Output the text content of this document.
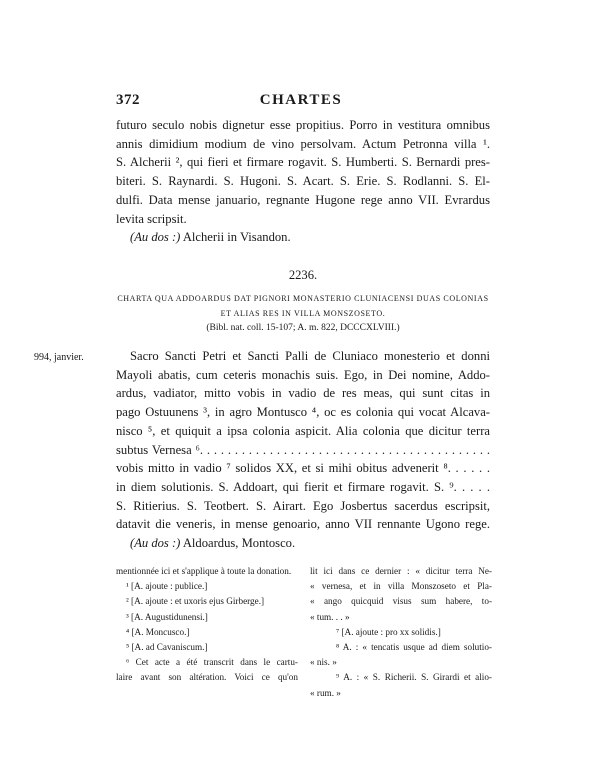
372	CHARTES
futuro seculo nobis dignetur esse propitius. Porro in vestitura omnibus
annis dimidium modium de vino persolvam. Actum Petronna villa ¹.
S. Alcherii ², qui fieri et firmare rogavit. S. Humberti. S. Bernardi pres-
biteri. S. Raynardi. S. Hugoni. S. Acart. S. Erie. S. Rodlanni. S. El-
dulfi. Data mense januario, regnante Hugone rege anno VII. Evrardus
levita scripsit.
(Au dos :) Alcherii in Visandon.
2236.
CHARTA QUA ADDOARDUS DAT PIGNORI MONASTERIO CLUNIACENSI DUAS COLONIAS
ET ALIAS RES IN VILLA MONSZOSETO.
(Bibl. nat. coll. 15-107; A. m. 822, DCCCXLVIII.)
994, janvier.	Sacro Sancti Petri et Sancti Palli de Cluniaco monesterio et donni
Mayoli abatis, cum ceteris monachis suis. Ego, in Dei nomine, Addo-
ardus, vadiator, mitto vobis in vadio de res meas, qui sunt citas in
pago Ostuunens ³, in agro Montusco ⁴, oc es colonia qui vocat Alcava-
nisco ⁵, et quiquit a ipsa colonia aspicit. Alia colonia que dicitur terra
subtus Vernesa ⁶. . . . . . . . . . . . . . . . . . . . . . . . . . . . . . . . . . . . . . . . . .
vobis mitto in vadio ⁷ solidos XX, et si mihi obitus advenerit ⁸. . . . . .
in diem solutionis. S. Addoart, qui fierit et firmare rogavit. S. ⁹. . . . .
S. Ritierius. S. Teotbert. S. Airart. Ego Josbertus sacerdus escripsit,
datavit die veneris, in mense genoario, anno VII rennante Ugono rege.
(Au dos :) Aldoardus, Montosco.
mentionnée ici et s'applique à toute la donation.
¹ [A. ajoute : publice.]
² [A. ajoute : et uxoris ejus Girberge.]
³ [A. Augustidunensi.]
⁴ [A. Moncusco.]
⁵ [A. ad Cavaniscum.]
⁶ Cet acte a été transcrit dans le cartu-
laire avant son altération. Voici ce qu'on
lit ici dans ce dernier : « dicitur terra Ne-
« vernesa, et in villa Monszoseto et Pla-
« ango quicquid visus sum habere, to-
« tum. . . »
⁷ [A. ajoute : pro xx solidis.]
⁸ A. : « tencatis usque ad diem solutio-
« nis. »
⁹ A. : « S. Richerii. S. Girardi et alio-
« rum. »
